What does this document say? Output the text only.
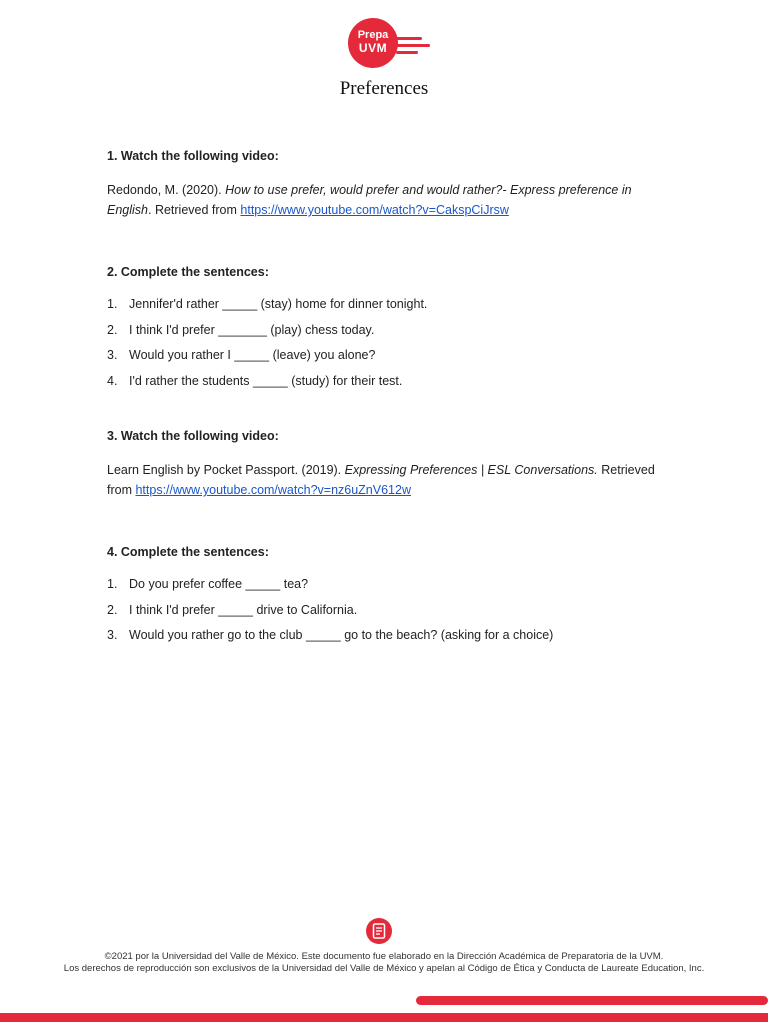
Prepa
UVM
Preferences

1. Watch the following video:

Redondo, M. (2020). How to use prefer, would prefer and would rather?- Express preference in English. Retrieved from https://www.youtube.com/watch?v=CakspCiJrsw

2. Complete the sentences:

1. Jennifer'd rather _____ (stay) home for dinner tonight.
2. I think I'd prefer _______ (play) chess today.
3. Would you rather I _____ (leave) you alone?
4. I'd rather the students _____ (study) for their test.

3. Watch the following video:

Learn English by Pocket Passport. (2019). Expressing Preferences | ESL Conversations. Retrieved from https://www.youtube.com/watch?v=nz6uZnV612w

4. Complete the sentences:

1. Do you prefer coffee _____ tea?
2. I think I'd prefer _____ drive to California.
3. Would you rather go to the club _____ go to the beach? (asking for a choice)
©2021 por la Universidad del Valle de México. Este documento fue elaborado en la Dirección Académica de Preparatoria de la UVM.
Los derechos de reproducción son exclusivos de la Universidad del Valle de México y apelan al Código de Ética y Conducta de Laureate Education, Inc.
